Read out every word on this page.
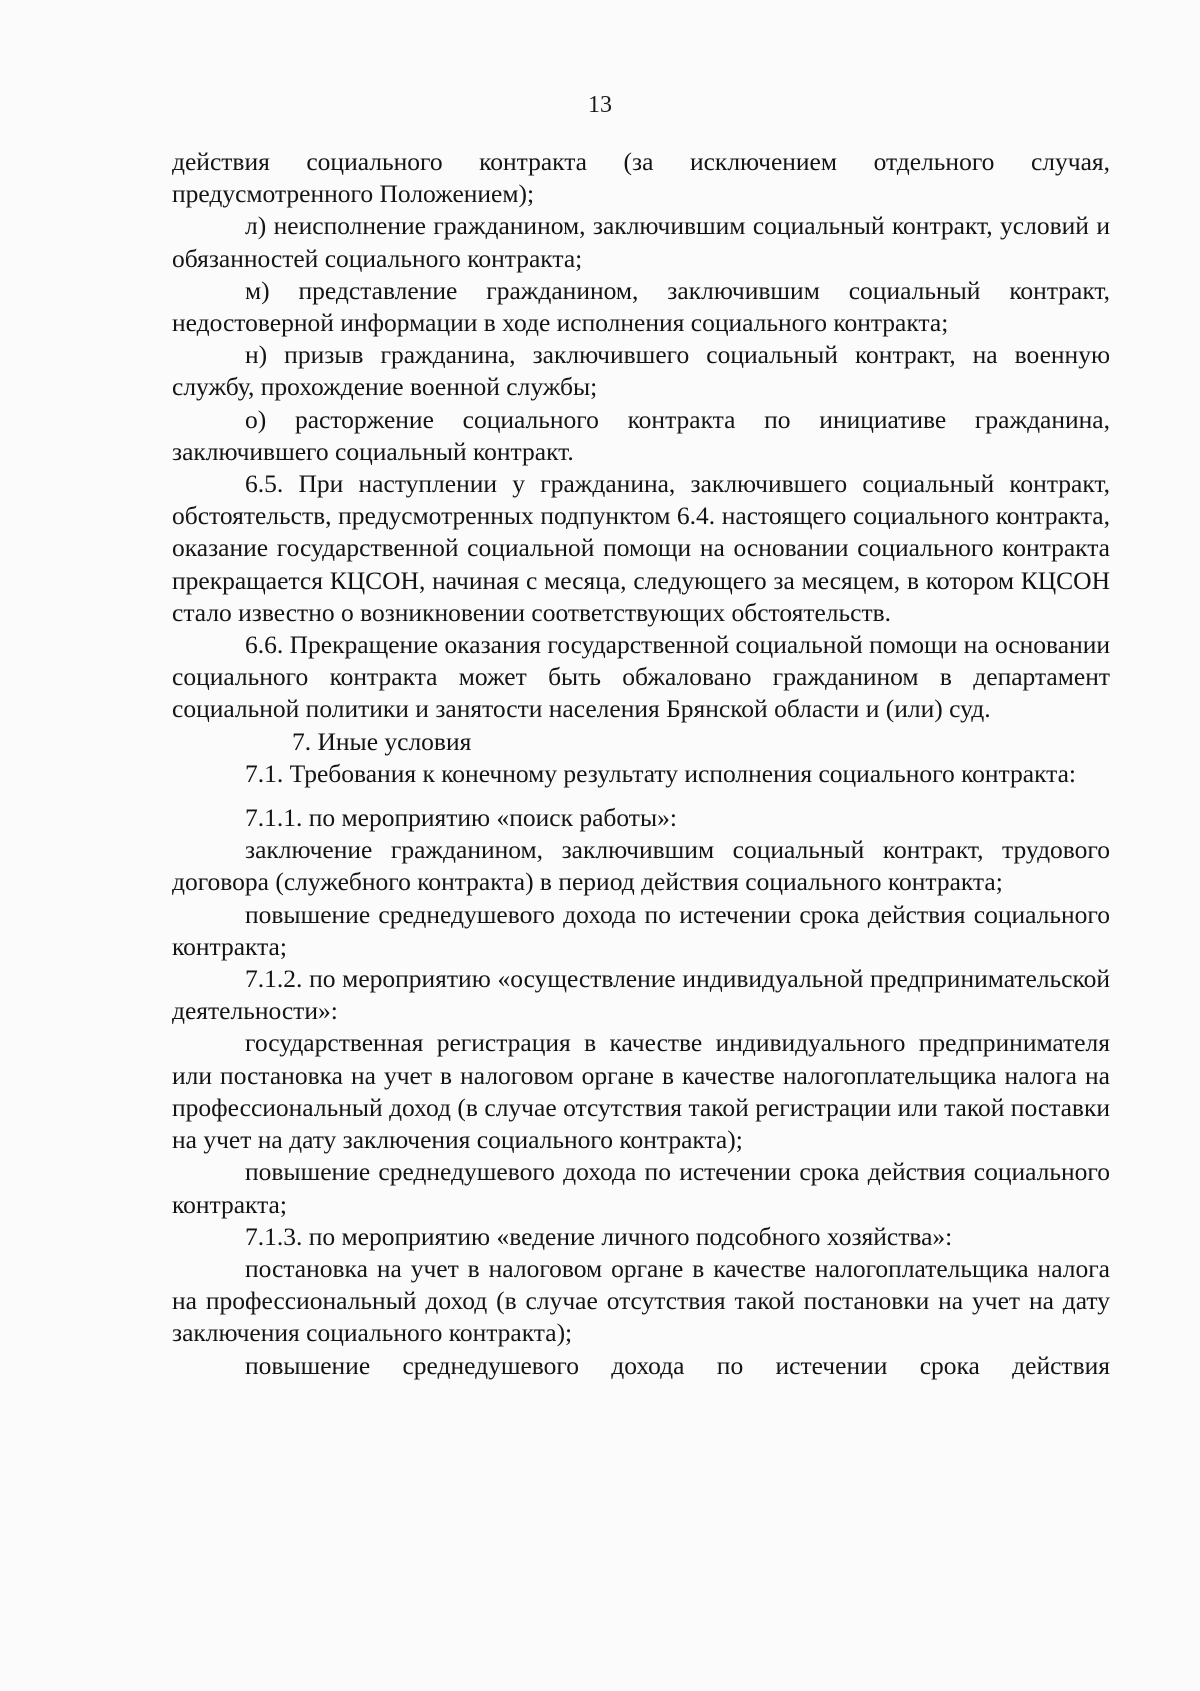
13

действия социального контракта (за исключением отдельного случая, предусмотренного Положением);

л) неисполнение гражданином, заключившим социальный контракт, условий и обязанностей социального контракта;

м) представление гражданином, заключившим социальный контракт, недостоверной информации в ходе исполнения социального контракта;

н) призыв гражданина, заключившего социальный контракт, на военную службу, прохождение военной службы;

о) расторжение социального контракта по инициативе гражданина, заключившего социальный контракт.

6.5. При наступлении у гражданина, заключившего социальный контракт, обстоятельств, предусмотренных подпунктом 6.4. настоящего социального контракта, оказание государственной социальной помощи на основании социального контракта прекращается КЦСОН, начиная с месяца, следующего за месяцем, в котором КЦСОН стало известно о возникновении соответствующих обстоятельств.

6.6. Прекращение оказания государственной социальной помощи на основании социального контракта может быть обжаловано гражданином в департамент социальной политики и занятости населения Брянской области и (или) суд.

7. Иные условия

7.1. Требования к конечному результату исполнения социального контракта:

7.1.1. по мероприятию «поиск работы»:

заключение гражданином, заключившим социальный контракт, трудового договора (служебного контракта) в период действия социального контракта;

повышение среднедушевого дохода по истечении срока действия социального контракта;

7.1.2. по мероприятию «осуществление индивидуальной предпринимательской деятельности»:

государственная регистрация в качестве индивидуального предпринимателя или постановка на учет в налоговом органе в качестве налогоплательщика налога на профессиональный доход (в случае отсутствия такой регистрации или такой поставки на учет на дату заключения социального контракта);

повышение среднедушевого дохода по истечении срока действия социального контракта;

7.1.3. по мероприятию «ведение личного подсобного хозяйства»:

постановка на учет в налоговом органе в качестве налогоплательщика налога на профессиональный доход (в случае отсутствия такой постановки на учет на дату заключения социального контракта);

повышение среднедушевого дохода по истечении срока действия
